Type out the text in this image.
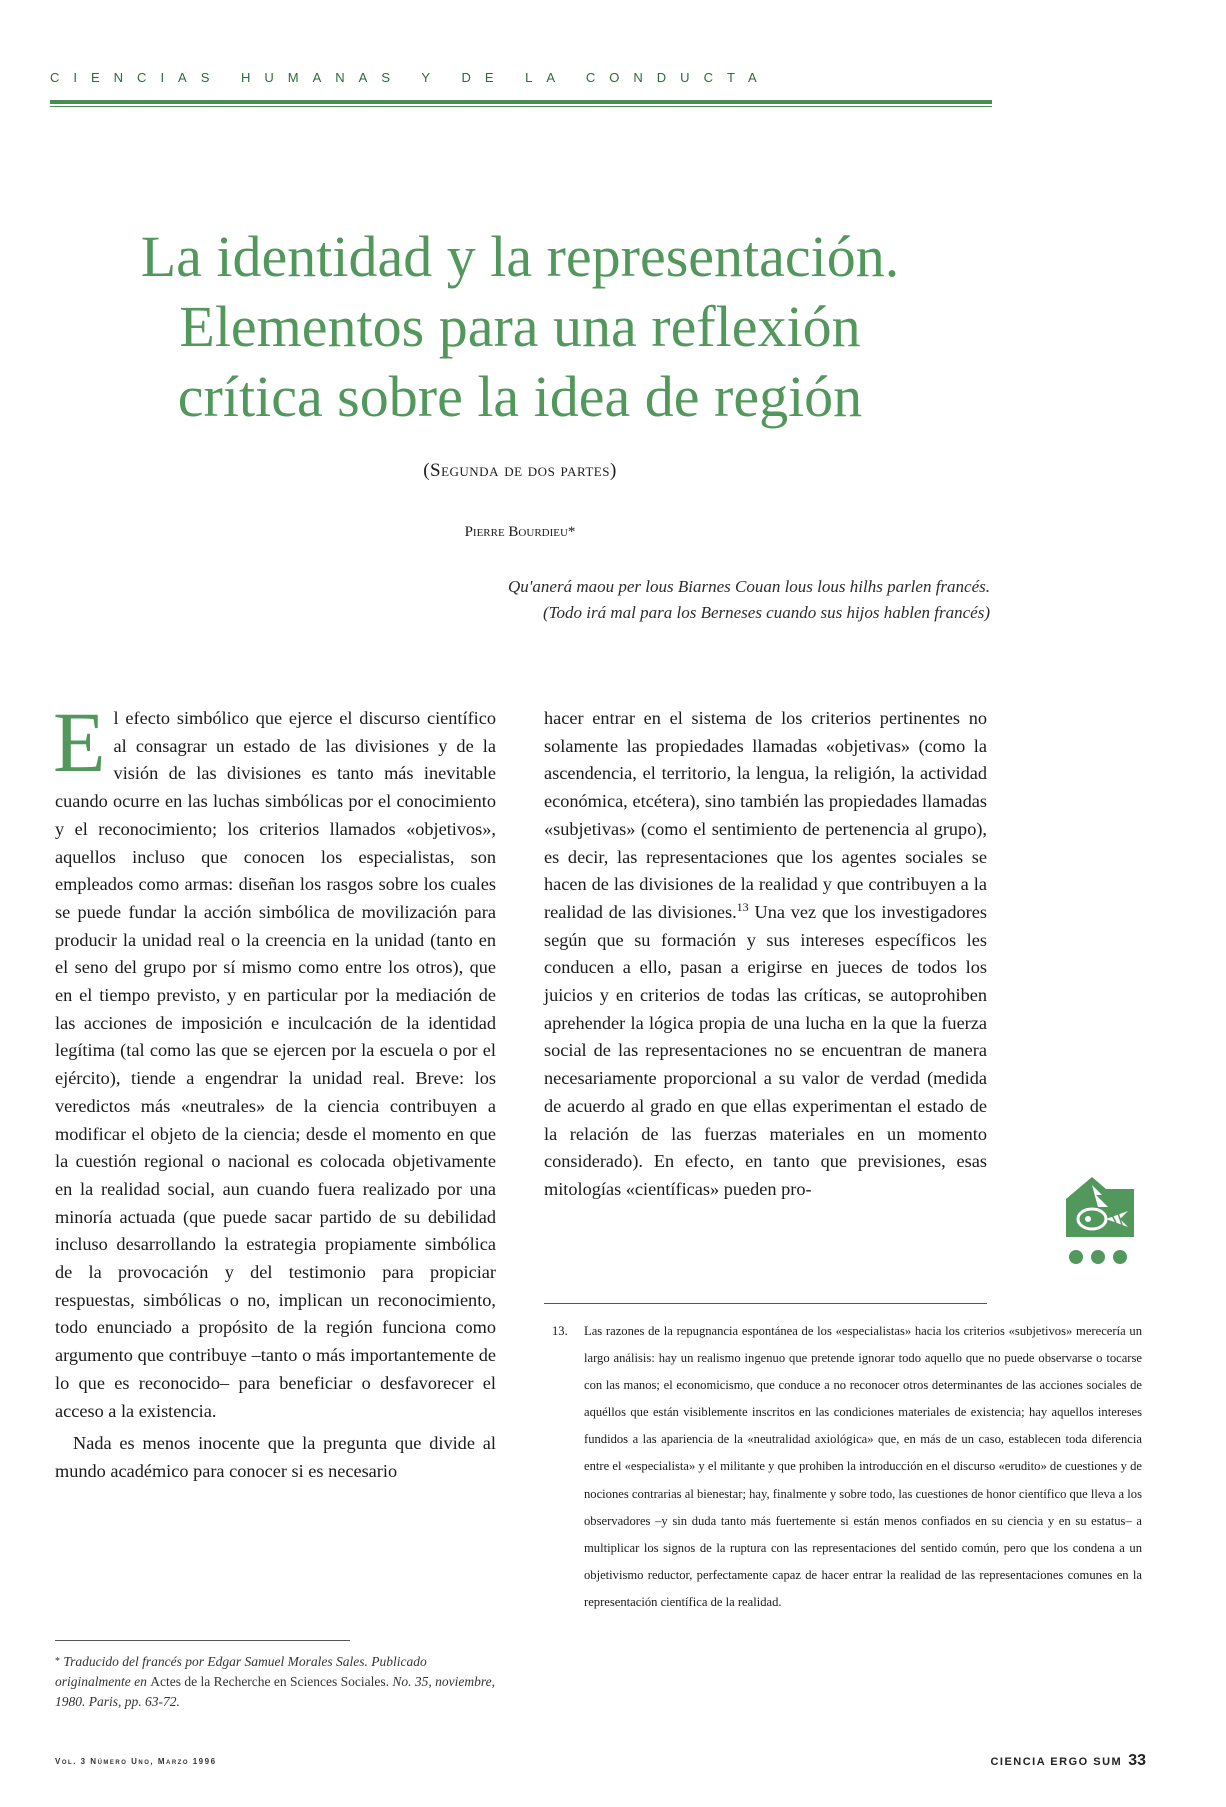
CIENCIAS HUMANAS Y DE LA CONDUCTA
La identidad y la representación.
Elementos para una reflexión
crítica sobre la idea de región
(Segunda de dos partes)
Pierre Bourdieu*
Qu'anerá maou per lous Biarnes Couan lous lous hilhs parlen francés.
(Todo irá mal para los Berneses cuando sus hijos hablen francés)

El efecto simbólico que ejerce el discurso científico al consagrar un estado de las divisiones y de la visión de las divisiones es tanto más inevitable cuando ocurre en las luchas simbólicas por el conocimiento y el reconocimiento; los criterios llamados «objetivos», aquellos incluso que conocen los especialistas, son empleados como armas: diseñan los rasgos sobre los cuales se puede fundar la acción simbólica de movilización para producir la unidad real o la creencia en la unidad (tanto en el seno del grupo por sí mismo como entre los otros), que en el tiempo previsto, y en particular por la mediación de las acciones de imposición e inculcación de la identidad legítima (tal como las que se ejercen por la escuela o por el ejército), tiende a engendrar la unidad real. Breve: los veredictos más «neutrales» de la ciencia contribuyen a modificar el objeto de la ciencia; desde el momento en que la cuestión regional o nacional es colocada objetivamente en la realidad social, aun cuando fuera realizado por una minoría actuada (que puede sacar partido de su debilidad incluso desarrollando la estrategia propiamente simbólica de la provocación y del testimonio para propiciar respuestas, simbólicas o no, implican un reconocimiento, todo enunciado a propósito de la región funciona como argumento que contribuye –tanto o más importantemente de lo que es reconocido– para beneficiar o desfavorecer el acceso a la existencia.

Nada es menos inocente que la pregunta que divide al mundo académico para conocer si es necesario

hacer entrar en el sistema de los criterios pertinentes no solamente las propiedades llamadas «objetivas» (como la ascendencia, el territorio, la lengua, la religión, la actividad económica, etcétera), sino también las propiedades llamadas «subjetivas» (como el sentimiento de pertenencia al grupo), es decir, las representaciones que los agentes sociales se hacen de las divisiones de la realidad y que contribuyen a la realidad de las divisiones.$^{13}$ Una vez que los investigadores según que su formación y sus intereses específicos les conducen a ello, pasan a erigirse en jueces de todos los juicios y en criterios de todas las críticas, se autoprohiben aprehender la lógica propia de una lucha en la que la fuerza social de las representaciones no se encuentran de manera necesariamente proporcional a su valor de verdad (medida de acuerdo al grado en que ellas experimentan el estado de la relación de las fuerzas materiales en un momento considerado). En efecto, en tanto que previsiones, esas mitologías «científicas» pueden pro-

13.	Las razones de la repugnancia espontánea de los «especialistas» hacia los criterios «subjetivos» merecería un largo análisis: hay un realismo ingenuo que pretende ignorar todo aquello que no puede observarse o tocarse con las manos; el economicismo, que conduce a no reconocer otros determinantes de las acciones sociales de aquéllos que están visiblemente inscritos en las condiciones materiales de existencia; hay aquellos intereses fundidos a las apariencia de la «neutralidad axiológica» que, en más de un caso, establecen toda diferencia entre el «especialista» y el militante y que prohiben la introducción en el discurso «erudito» de cuestiones y de nociones contrarias al bienestar; hay, finalmente y sobre todo, las cuestiones de honor científico que lleva a los observadores –y sin duda tanto más fuertemente si están menos confiados en su ciencia y en su estatus– a multiplicar los signos de la ruptura con las representaciones del sentido común, pero que los condena a un objetivismo reductor, perfectamente capaz de hacer entrar la realidad de las representaciones comunes en la representación científica de la realidad.
* Traducido del francés por Edgar Samuel Morales Sales. Publicado originalmente en Actes de la Recherche en Sciences Sociales. No. 35, noviembre, 1980. Paris, pp. 63-72.
Vol. 3 Número Uno, Marzo 1996	CIENCIA ERGO SUM 33
